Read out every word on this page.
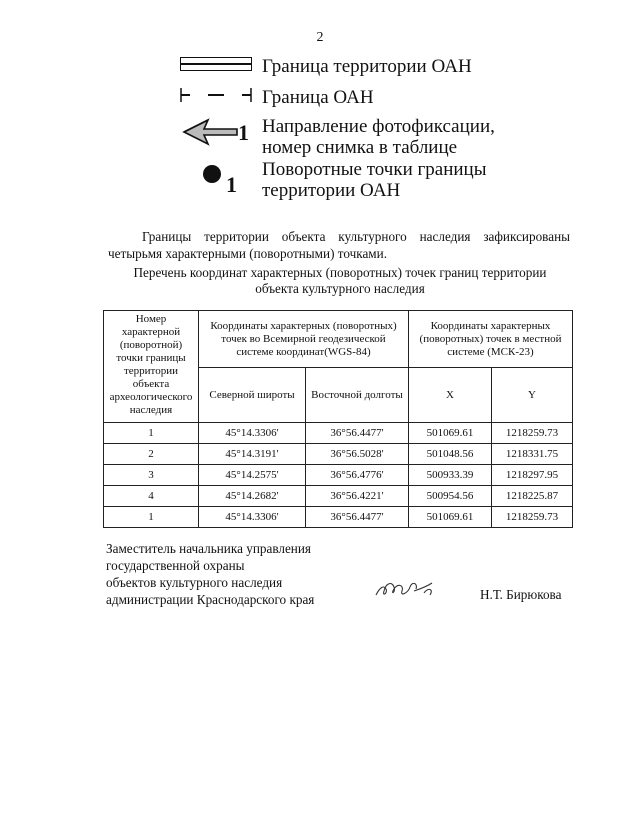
2
Граница территории ОАН
Граница ОАН
1 Направление фотофиксации,
номер снимка в таблице
1
Поворотные точки границы
территории ОАН
Границы территории объекта культурного наследия зафиксированы четырьмя характерными (поворотными) точками.
Перечень координат характерных (поворотных) точек границ территории
объекта культурного наследия
Номер характерной (поворотной) точки границы территории объекта археологического наследия	Координаты характерных (поворотных) точек во Всемирной геодезической системе координат(WGS-84)		Координаты характерных (поворотных) точек в местной системе (МСК-23)	
	Северной широты	Восточной долготы	X	Y
1	45°14.3306'	36°56.4477'	501069.61	1218259.73
2	45°14.3191'	36°56.5028'	501048.56	1218331.75
3	45°14.2575'	36°56.4776'	500933.39	1218297.95
4	45°14.2682'	36°56.4221'	500954.56	1218225.87
1	45°14.3306'	36°56.4477'	501069.61	1218259.73
Заместитель начальника управления
государственной охраны
объектов культурного наследия
администрации Краснодарского края	Н.Т. Бирюкова
